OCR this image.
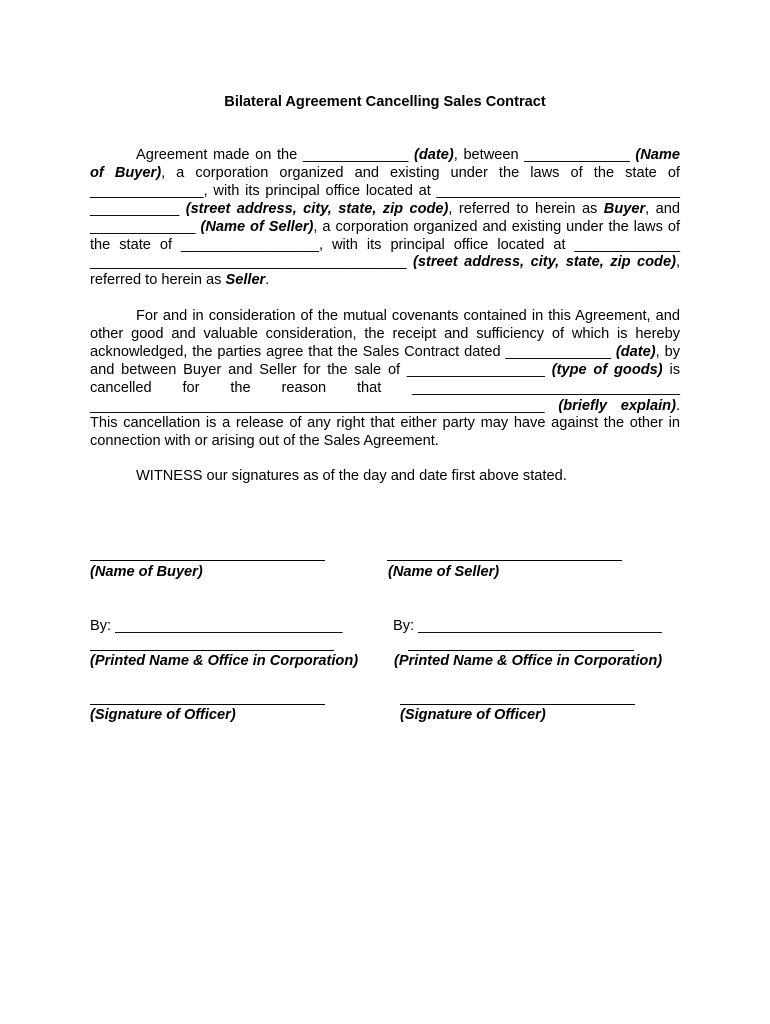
Bilateral Agreement Cancelling Sales Contract

Agreement made on the _____________ (date), between _____________ (Name of Buyer), a corporation organized and existing under the laws of the state of ______________, with its principal office located at ______________________________ ___________ (street address, city, state, zip code), referred to herein as Buyer, and _____________ (Name of Seller), a corporation organized and existing under the laws of the state of _________________, with its principal office located at _____________ _______________________________________ (street address, city, state, zip code), referred to herein as Seller.

For and in consideration of the mutual covenants contained in this Agreement, and other good and valuable consideration, the receipt and sufficiency of which is hereby acknowledged, the parties agree that the Sales Contract dated _____________ (date), by and between Buyer and Seller for the sale of _________________ (type of goods) is cancelled for the reason that _________________________________ ________________________________________________________ (briefly explain). This cancellation is a release of any right that either party may have against the other in connection with or arising out of the Sales Agreement.

WITNESS our signatures as of the day and date first above stated.

(Name of Buyer)	(Name of Seller)
By: ____________________________	By: ______________________________
(Printed Name & Office in Corporation) (Printed Name & Office in Corporation)
(Signature of Officer)	(Signature of Officer)
